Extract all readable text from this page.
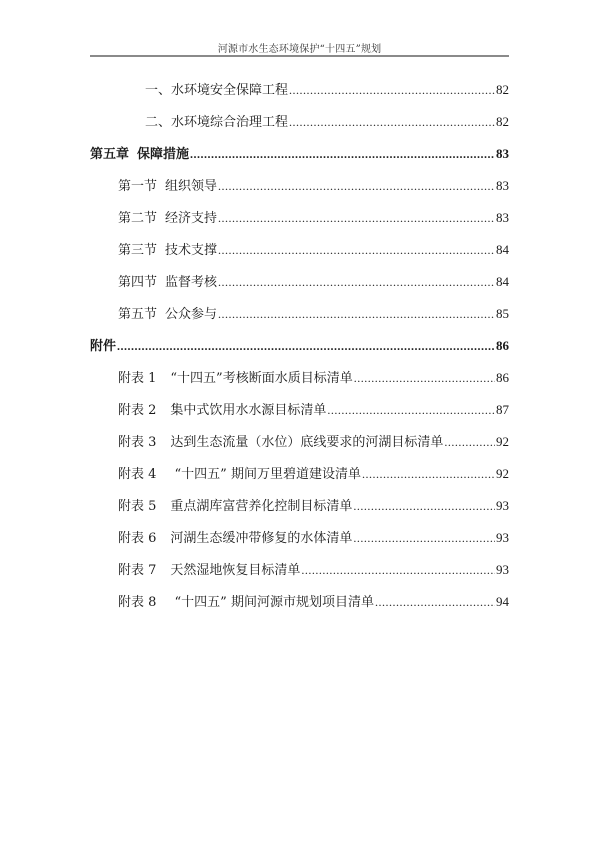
河源市水生态环境保护“十四五”规划
一、水环境安全保障工程 .....	82
二、水环境综合治理工程 .....	82
第五章 保障措施 .....	83
第一节 组织领导 .....	83
第二节 经济支持 .....	83
第三节 技术支撑 .....	84
第四节 监督考核 .....	84
第五节 公众参与 .....	85
附件 .....	86
附表 1 “十四五”考核断面水质目标清单 .....	86
附表 2 集中式饮用水水源目标清单 .....	87
附表 3 达到生态流量（水位）底线要求的河湖目标清单 .....	92
附表 4 “十四五” 期间万里碧道建设清单 .....	92
附表 5 重点湖库富营养化控制目标清单 .....	93
附表 6 河湖生态缓冲带修复的水体清单 .....	93
附表 7 天然湿地恢复目标清单 .....	93
附表 8 “十四五” 期间河源市规划项目清单 .....	94
